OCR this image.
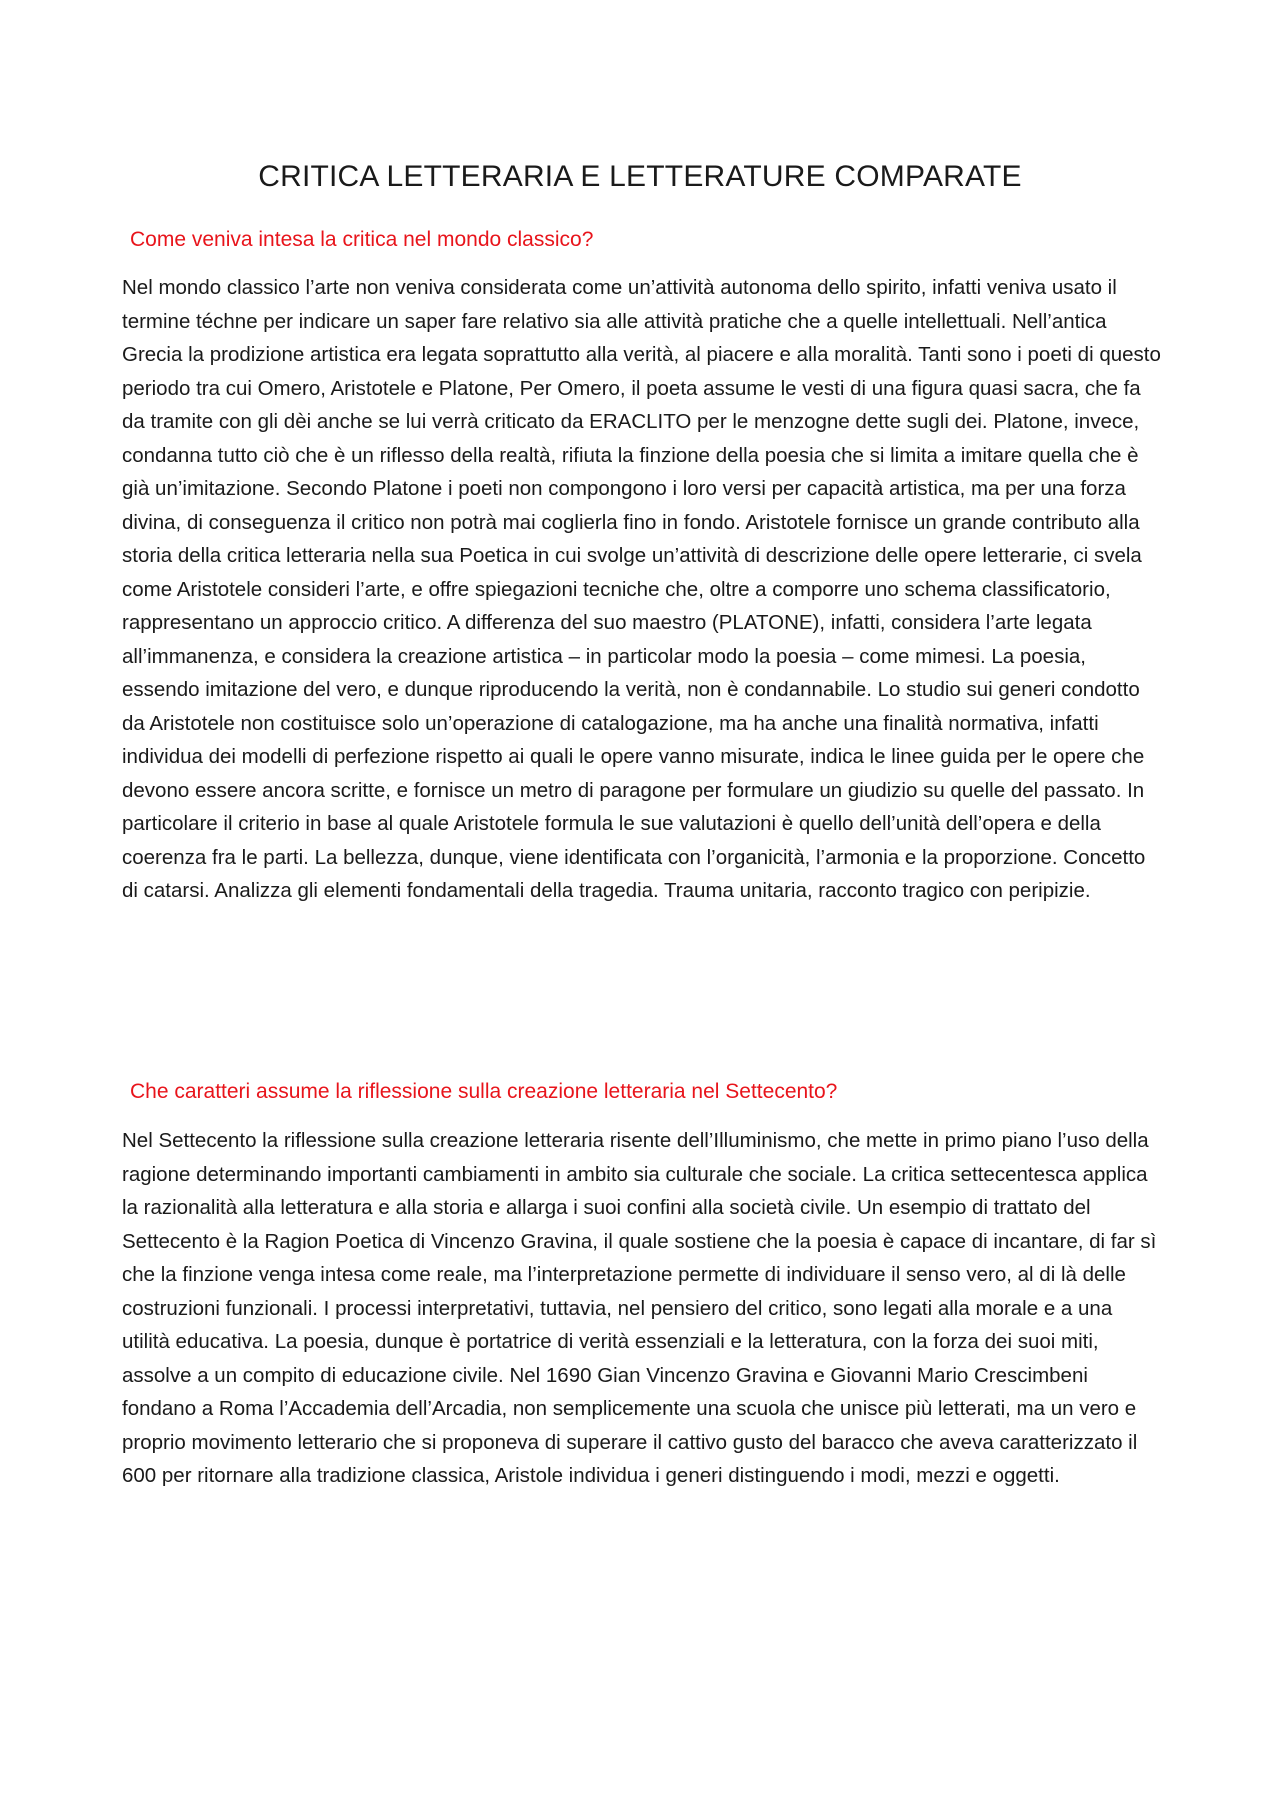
CRITICA LETTERARIA E LETTERATURE COMPARATE
Come veniva intesa la critica nel mondo classico?

Nel mondo classico l’arte non veniva considerata come un’attività autonoma dello spirito, infatti veniva usato il termine téchne per indicare un saper fare relativo sia alle attività pratiche che a quelle intellettuali. Nell’antica Grecia la prodizione artistica era legata soprattutto alla verità, al piacere e alla moralità. Tanti sono i poeti di questo periodo tra cui Omero, Aristotele e Platone, Per Omero, il poeta assume le vesti di una figura quasi sacra, che fa da tramite con gli dèi anche se lui verrà criticato da ERACLITO per le menzogne dette sugli dei. Platone, invece, condanna tutto ciò che è un riflesso della realtà, rifiuta la finzione della poesia che si limita a imitare quella che è già un’imitazione. Secondo Platone i poeti non compongono i loro versi per capacità artistica, ma per una forza divina, di conseguenza il critico non potrà mai coglierla fino in fondo. Aristotele fornisce un grande contributo alla storia della critica letteraria nella sua Poetica in cui svolge un’attività di descrizione delle opere letterarie, ci svela come Aristotele consideri l’arte, e offre spiegazioni tecniche che, oltre a comporre uno schema classificatorio, rappresentano un approccio critico. A differenza del suo maestro (PLATONE), infatti, considera l’arte legata all’immanenza, e considera la creazione artistica – in particolar modo la poesia – come mimesi. La poesia, essendo imitazione del vero, e dunque riproducendo la verità, non è condannabile. Lo studio sui generi condotto da Aristotele non costituisce solo un’operazione di catalogazione, ma ha anche una finalità normativa, infatti individua dei modelli di perfezione rispetto ai quali le opere vanno misurate, indica le linee guida per le opere che devono essere ancora scritte, e fornisce un metro di paragone per formulare un giudizio su quelle del passato. In particolare il criterio in base al quale Aristotele formula le sue valutazioni è quello dell’unità dell’opera e della coerenza fra le parti. La bellezza, dunque, viene identificata con l’organicità, l’armonia e la proporzione. Concetto di catarsi. Analizza gli elementi fondamentali della tragedia. Trauma unitaria, racconto tragico con peripizie.

Che caratteri assume la riflessione sulla creazione letteraria nel Settecento?

Nel Settecento la riflessione sulla creazione letteraria risente dell’Illuminismo, che mette in primo piano l’uso della ragione determinando importanti cambiamenti in ambito sia culturale che sociale. La critica settecentesca applica la razionalità alla letteratura e alla storia e allarga i suoi confini alla società civile. Un esempio di trattato del Settecento è la Ragion Poetica di Vincenzo Gravina, il quale sostiene che la poesia è capace di incantare, di far sì che la finzione venga intesa come reale, ma l’interpretazione permette di individuare il senso vero, al di là delle costruzioni funzionali. I processi interpretativi, tuttavia, nel pensiero del critico, sono legati alla morale e a una utilità educativa. La poesia, dunque è portatrice di verità essenziali e la letteratura, con la forza dei suoi miti, assolve a un compito di educazione civile. Nel 1690 Gian Vincenzo Gravina e Giovanni Mario Crescimbeni fondano a Roma l’Accademia dell’Arcadia, non semplicemente una scuola che unisce più letterati, ma un vero e proprio movimento letterario che si proponeva di superare il cattivo gusto del baracco che aveva caratterizzato il 600 per ritornare alla tradizione classica, Aristole individua i generi distinguendo i modi, mezzi e oggetti.
